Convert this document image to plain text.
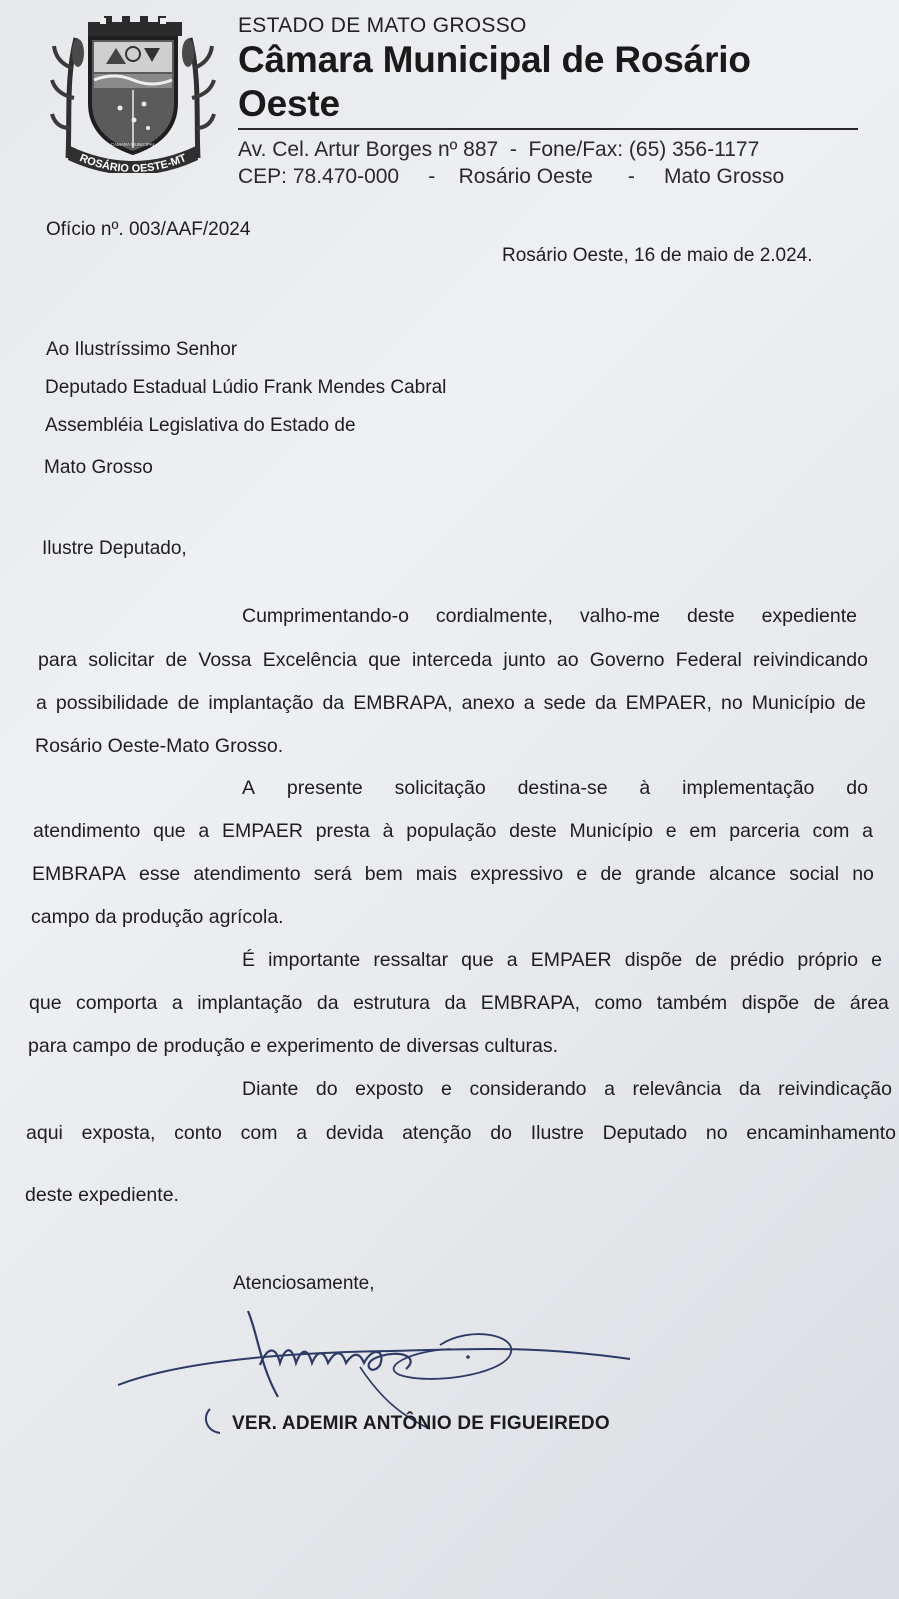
ROSÁRIO OESTE-MT
CAMARA MUNICIPAL
ESTADO DE MATO GROSSO
Câmara Municipal de Rosário Oeste
Av. Cel. Artur Borges nº 887  -  Fone/Fax: (65) 356-1177
CEP: 78.470-000     -    Rosário Oeste      -     Mato Grosso
Ofício nº. 003/AAF/2024
Rosário Oeste, 16 de maio de 2.024.
Ao Ilustríssimo Senhor
Deputado Estadual Lúdio Frank Mendes Cabral
Assembléia Legislativa do Estado de
Mato Grosso
Ilustre Deputado,
Cumprimentando-o cordialmente, valho-me deste expediente
para solicitar de Vossa Excelência que interceda junto ao Governo Federal reivindicando
a possibilidade de implantação da EMBRAPA, anexo a sede da EMPAER, no Município de
Rosário Oeste-Mato Grosso.
A presente solicitação destina-se à implementação do
atendimento que a EMPAER presta à população deste Município e em parceria com a
EMBRAPA esse atendimento será bem mais expressivo e de grande alcance social no
campo da produção agrícola.
É importante ressaltar que a EMPAER dispõe de prédio próprio e
que comporta a implantação da estrutura da EMBRAPA, como também dispõe de área
para campo de produção e experimento de diversas culturas.
Diante do exposto e considerando a relevância da reivindicação
aqui exposta, conto com a devida atenção do Ilustre Deputado no encaminhamento
deste expediente.
Atenciosamente,
VER. ADEMIR ANTÔNIO DE FIGUEIREDO
